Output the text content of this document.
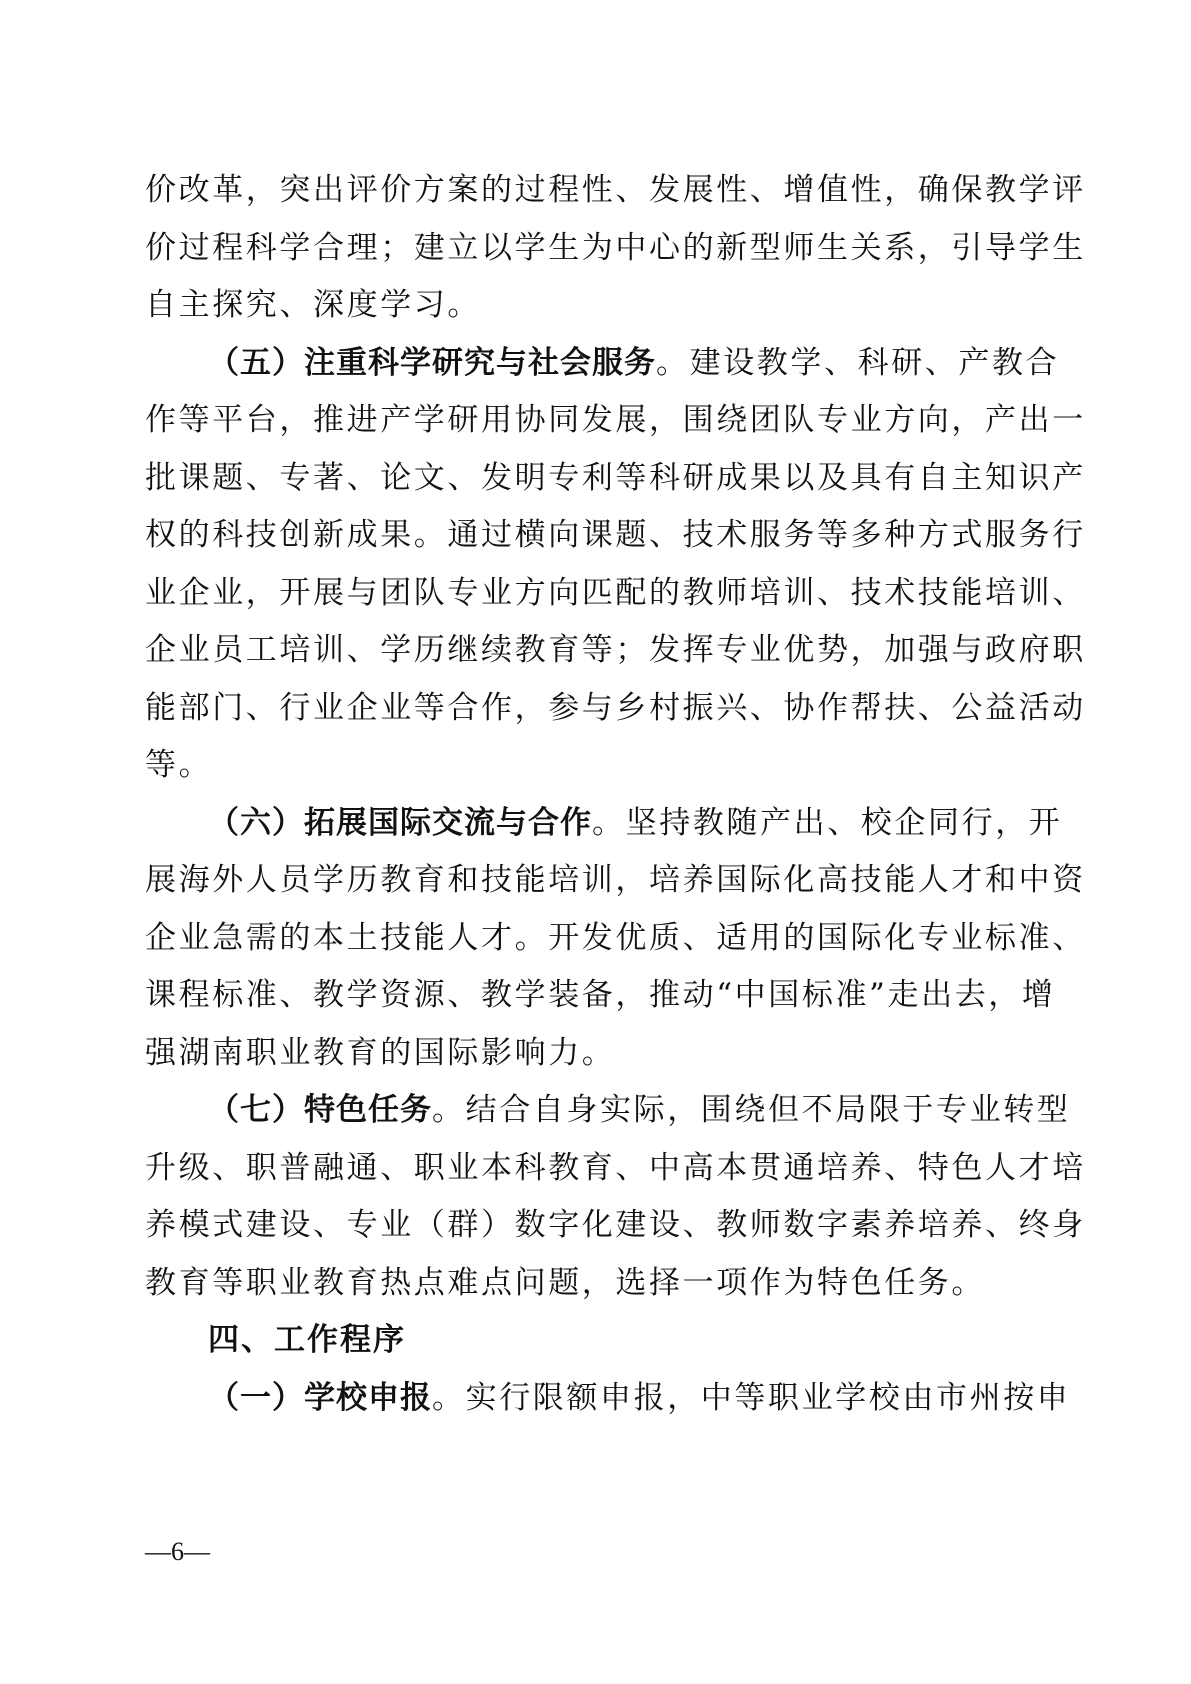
价改革，突出评价方案的过程性、发展性、增值性，确保教学评
价过程科学合理；建立以学生为中心的新型师生关系，引导学生
自主探究、深度学习。
（五）注重科学研究与社会服务。建设教学、科研、产教合
作等平台，推进产学研用协同发展，围绕团队专业方向，产出一
批课题、专著、论文、发明专利等科研成果以及具有自主知识产
权的科技创新成果。通过横向课题、技术服务等多种方式服务行
业企业，开展与团队专业方向匹配的教师培训、技术技能培训、
企业员工培训、学历继续教育等；发挥专业优势，加强与政府职
能部门、行业企业等合作，参与乡村振兴、协作帮扶、公益活动
等。
（六）拓展国际交流与合作。坚持教随产出、校企同行，开
展海外人员学历教育和技能培训，培养国际化高技能人才和中资
企业急需的本土技能人才。开发优质、适用的国际化专业标准、
课程标准、教学资源、教学装备，推动“中国标准”走出去，增
强湖南职业教育的国际影响力。
（七）特色任务。结合自身实际，围绕但不局限于专业转型
升级、职普融通、职业本科教育、中高本贯通培养、特色人才培
养模式建设、专业（群）数字化建设、教师数字素养培养、终身
教育等职业教育热点难点问题，选择一项作为特色任务。
四、工作程序
（一）学校申报。实行限额申报，中等职业学校由市州按申
—6—
